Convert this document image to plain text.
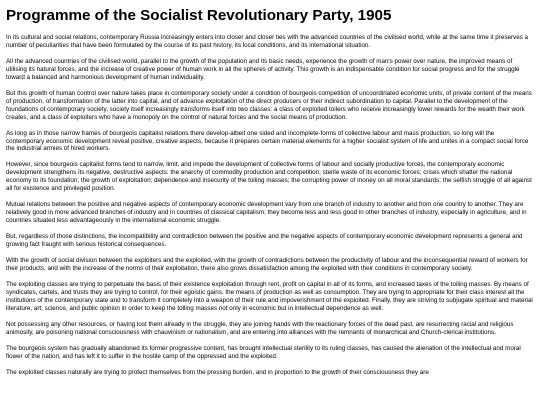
Programme of the Socialist Revolutionary Party, 1905

In its cultural and social relations, contemporary Russia increasingly enters into closer and closer ties with the advanced countries of the civilised world, while at the same time it preserves a number of peculiarities that have been formulated by the course of its past history, its local conditions, and its international situation.

All the advanced countries of the civilised world, parallel to the growth of the population and its basic needs, experience the growth of man's power over nature, the improved means of utilising its natural forces, and the increase of creative power of human work in all the spheres of activity. This growth is an indispensable condition for social progress and for the struggle toward a balanced and harmonious development of human individuality.

But this growth of human control over nature takes place in contemporary society under a condition of bourgeois competition of uncoordinated economic units, of private content of the means of production, of transformation of the latter into capital, and of advance exploitation of the direct producers or their indirect subordination to capital. Parallel to the development of the foundations of contemporary society, society itself increasingly transforms itself into two classes: a class of exploited toilers who receive increasingly lower rewards for the wealth their work creates, and a class of exploiters who have a monopoly on the control of natural forces and the social means of production.

As long as in those narrow frames of bourgeois capitalist relations there develop-albeit one sided and incomplete-forms of collective labour and mass production, so long will the contemporary economic development reveal positive, creative aspects, because it prepares certain material elements for a higher socialist system of life and unites in a compact social force the industrial armies of hired workers.

However, since bourgeois capitalist forms tend to narrow, limit, and impede the development of collective forms of labour and socially productive forces, the contemporary economic development strengthens its negative, destructive aspects: the anarchy of commodity production and competition; sterile waste of its economic forces; crises which shatter the national economy to its foundation; the growth of exploitation; dependence and insecurity of the toiling masses; the corrupting power of money on all moral standards; the selfish struggle of all against all for existence and privileged position.

Mutual relations between the positive and negative aspects of contemporary economic development vary from one branch of industry to another and from one country to another. They are relatively good in more advanced branches of industry and in countries of classical capitalism; they become less and less good in other branches of industry, especially in agriculture, and in countries situated less advantageously in the international economic struggle.

But, regardless of those distinctions, the incompatibility and contradiction between the positive and the negative aspects of contemporary economic development represents a general and growing fact fraught with serious historical consequences.

With the growth of social division between the exploiters and the exploited, with the growth of contradictions between the productivity of labour and the inconsequential reward of workers for their products, and with the increase of the norms of their exploitation, there also grows dissatisfaction among the exploited with their conditions in contemporary society.

The exploiting classes are trying to perpetuate the basis of their existence exploitation through rent, profit on capital in all of its forms, and increased taxes of the toiling masses. By means of syndicates, cartels, and trusts they are trying to control, for their egoistic gains, the means of production as well as consumption. They are trying to appropriate for their class interest all the institutions of the contemporary state and to transform it completely into a weapon of their rule and impoverishment of the exploited. Finally, they are striving to subjugate spiritual and material literature, art, science, and public opinion in order to keep the toiling masses not only in economic but in intellectual dependence as well.

Not possessing any other resources, or having lost them already in the struggle, they are joining hands with the reactionary forces of the dead past, are resurrecting racial and religious animosity, are poisoning national consciousness with chauvinism or nationalism, and are entering into alliances with the remnants of monarchical and Church-clerical institutions.

The bourgeois system has gradually abandoned its former progressive content, has brought intellectual sterility to its ruling classes, has caused the alienation of the intellectual and moral flower of the nation, and has left it to suffer in the hostile camp of the oppressed and the exploited.

The exploited classes naturally are trying to protect themselves from the pressing burden, and in proportion to the growth of their consciousness they are
